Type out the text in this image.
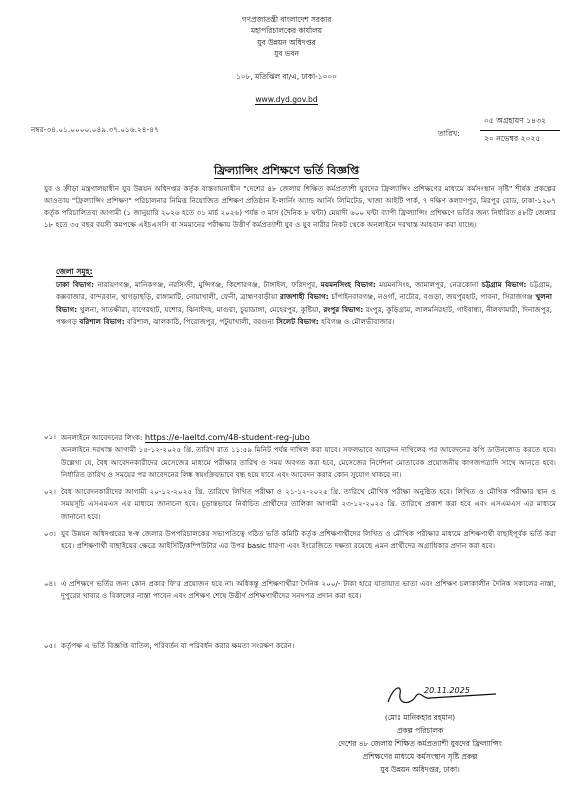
গণপ্রজাতন্ত্রী বাংলাদেশ সরকার
মহাপরিচালকের কার্যালয়
যুব উন্নয়ন অধিদপ্তর
যুব ভবন
১০৮, মতিঝিল বা/এ, ঢাকা-১০০০
www.dyd.gov.bd
নম্বর-৩৪.০১.০০০০.০৪৯.৩৭.০১৬.২৪-৪৭	তারিখ:
০৫ অগ্রহায়ণ ১৪৩২
২০ নভেম্বর ২০২৫
ফ্রিল্যান্সিং প্রশিক্ষণে ভর্তি বিজ্ঞপ্তি
যুব ও ক্রীড়া মন্ত্রণালয়াধীন যুব উন্নয়ন অধিদপ্তর কর্তৃক বাস্তবায়নাধীন "দেশের ৪৮ জেলায় শিক্ষিত কর্মপ্রত্যাশী যুবদের ফ্রিল্যান্সিং প্রশিক্ষণের মাধ্যমে কর্মসংস্থান সৃষ্টি" শীর্ষক প্রকল্পের আওতায় "ফ্রিল্যান্সিং প্রশিক্ষণ" পরিচালনার নিমিত্ত নিয়োজিত প্রশিক্ষণ প্রতিষ্ঠান ই-লার্নিং অ্যান্ড আর্নিং লিমিটেড, খাজা আইটি পার্ক, ৭ দক্ষিণ কল্যাণপুর, মিরপুর রোড, ঢাকা-১২০৭ কর্তৃক পরিচালিতব্য আগামী (১ জানুয়ারি ২০২৬ হতে ৩১ মার্চ ২০২৬) পর্যন্ত ৩ মাস (দৈনিক ৮ ঘন্টা) মেয়াদী ৬০০ ঘন্টা ব্যাপী ফ্রিল্যান্সিং প্রশিক্ষণে ভর্তির জন্য নির্ধারিত ৪৮টি জেলার ১৮ হতে ৩৫ বছর বয়সী কমপক্ষে এইচএসসি বা সমমানের পরীক্ষায় উত্তীর্ণ কর্মপ্রত্যাশী যুব ও যুব নারীর নিকট থেকে অনলাইনে দরখাস্ত আহবান করা যাচ্ছে।
জেলা সমূহ:
ঢাকা বিভাগ: নারায়ণগঞ্জ, মানিকগঞ্জ, নরসিংদী, মুন্সিগঞ্জ, কিশোরগঞ্জ, টাঙ্গাইল, ফরিদপুর, ময়মনসিংহ বিভাগ: ময়মনসিংহ, জামালপুর, নেত্রকোনা চট্টগ্রাম বিভাগ: চট্টগ্রাম, কক্সবাজার, বান্দরবান, খাগড়াছড়ি, রাঙ্গামাটি, নোয়াখালী, ফেনী, ব্রাহ্মণবাড়ীয়া রাজশাহী বিভাগ: চাঁপাইনবাবগঞ্জ, নওগাঁ, নাটোর, বগুড়া, জয়পুরহাট, পাবনা, সিরাজগঞ্জ খুলনা বিভাগ: খুলনা, সাতক্ষীরা, বাগেরহাট, যশোর, ঝিনাইদহ, মাগুরা, চুয়াডাঙ্গা, মেহেরপুর, কুষ্টিয়া, রংপুর বিভাগ: রংপুর, কুড়িগ্রাম, লালমনিরহাট, গাইবান্ধা, নীলফামারী, দিনাজপুর, পঞ্চগড় বরিশাল বিভাগ: বরিশাল, ঝালকাঠি, পিরোজপুর, পটুয়াখালী, বরগুনা সিলেট বিভাগ: হবিগঞ্জ ও মৌলভীবাজার।
০১। অনলাইনে আবেদনের লিংক: https://e-laeltd.com/48-student-reg-jubo
অনলাইনে দরখাস্ত আগামী ১৫-১২-২০২৫ খ্রি. তারিখ রাত ১১:৫৯ মিনিট পর্যন্ত দাখিল করা যাবে। সফলভাবে আবেদন দাখিলের পর আবেদনের কপি ডাউনলোড করতে হবে। উল্লেখ্য যে, বৈধ আবেদনকারীদের মেসেজের মাধ্যমে পরীক্ষার তারিখ ও সময় অবগত করা হবে, মেসেজের নির্দেশনা মোতাবেক প্রয়োজনীয় কাগজপত্রাদি সাথে আনতে হবে। নির্ধারিত তারিখ ও সময়ের পর আবেদনের লিঙ্ক স্বয়ংক্রিয়ভাবে বন্ধ হয়ে যাবে এবং আবেদন করার কোন সুযোগ থাকবে না।
০২। বৈধ আবেদনকারীদের আগামী ২০-১২-২০২৫ খ্রি. তারিখে লিখিত পরীক্ষা ও ২১-১২-২০২৫ খ্রি. তারিখে মৌখিক পরীক্ষা অনুষ্ঠিত হবে। লিখিত ও মৌখিক পরীক্ষার স্থান ও সময়সূচি এসএমএস এর মাধ্যমে জানানো হবে। চূড়ান্তভাবে নির্বাচিত প্রার্থীদের তালিকা আগামী ২৩-১২-২০২৫ খ্রি. তারিখে প্রকাশ করা হবে এবং এসএমএস এর মাধ্যমে জানানো হবে।
০৩। যুব উন্নয়ন অধিদপ্তরের স্ব-স্ব জেলার উপপরিচালকের সভাপতিত্বে গঠিত ভর্তি কমিটি কর্তৃক প্রশিক্ষণার্থীদের লিখিত ও মৌখিক পরীক্ষার মাধ্যমে প্রশিক্ষণার্থী বাছাইপূর্বক ভর্তি করা হবে। প্রশিক্ষণার্থী বাছাইয়ের ক্ষেত্রে আইসিটি/কম্পিউটার এর উপর basic ধারণা এবং ইংরেজিতে দক্ষতা রয়েছে এমন প্রার্থীদের অগ্রাধিকার প্রদান করা হবে।
০৪। এ প্রশিক্ষণে ভর্তির জন্য কোন প্রকার ফি'র প্রয়োজন হবে না। অধিকন্তু প্রশিক্ষণার্থীরা দৈনিক ২০০/- টাকা হারে যাতায়াত ভাতা এবং প্রশিক্ষণ চলাকালীন দৈনিক সকালের নাস্তা, দুপুরের খাবার ও বিকালের নাস্তা পাবেন এবং প্রশিক্ষণ শেষে উত্তীর্ণ প্রশিক্ষণার্থীদের সনদপত্র প্রদান করা হবে।
০৫। কর্তৃপক্ষ এ ভর্তি বিজ্ঞপ্তি বাতিল, পরিবর্তন বা পরিবর্ধন করার ক্ষমতা সংরক্ষণ করেন।
20.11.2025
(মোঃ মানিকহার রহমান)
প্রকল্প পরিচালক
দেশের ৪৮ জেলায় শিক্ষিত কর্মপ্রত্যাশী যুবদের ফ্রিল্যান্সিং
প্রশিক্ষণের মাধ্যমে কর্মসংস্থান সৃষ্টি প্রকল্প
যুব উন্নয়ন অধিদপ্তর, ঢাকা।
